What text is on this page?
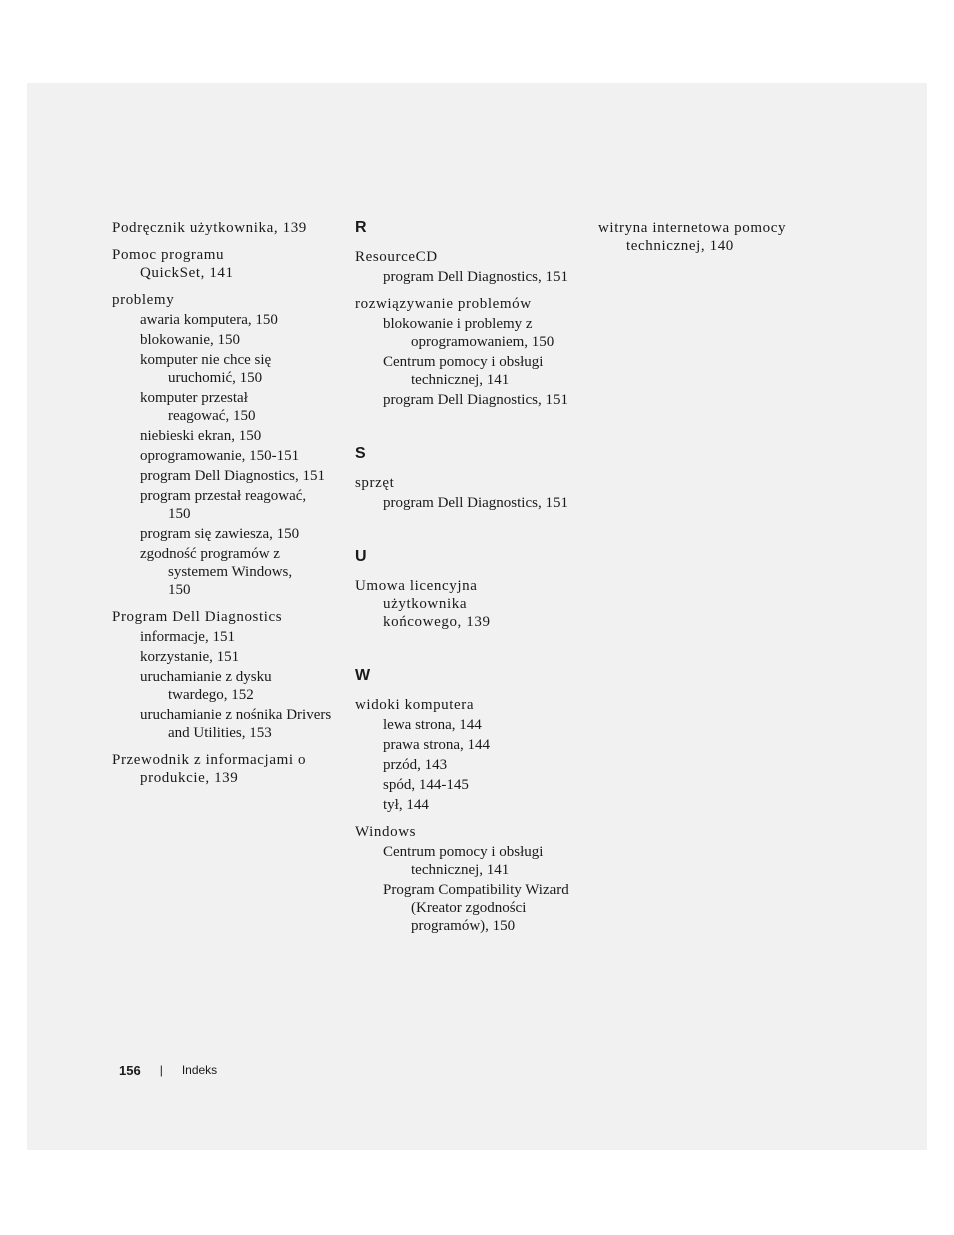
Podręcznik użytkownika, 139
Pomoc programu QuickSet, 141
problemy
awaria komputera, 150
blokowanie, 150
komputer nie chce się uruchomić, 150
komputer przestał reagować, 150
niebieski ekran, 150
oprogramowanie, 150-151
program Dell Diagnostics, 151
program przestał reagować, 150
program się zawiesza, 150
zgodność programów z systemem Windows, 150
Program Dell Diagnostics
informacje, 151
korzystanie, 151
uruchamianie z dysku twardego, 152
uruchamianie z nośnika Drivers and Utilities, 153
Przewodnik z informacjami o produkcie, 139
R
ResourceCD
program Dell Diagnostics, 151
rozwiązywanie problemów
blokowanie i problemy z oprogramowaniem, 150
Centrum pomocy i obsługi technicznej, 141
program Dell Diagnostics, 151
S
sprzęt
program Dell Diagnostics, 151
U
Umowa licencyjna użytkownika końcowego, 139
W
widoki komputera
lewa strona, 144
prawa strona, 144
przód, 143
spód, 144-145
tył, 144
Windows
Centrum pomocy i obsługi technicznej, 141
Program Compatibility Wizard (Kreator zgodności programów), 150
witryna internetowa pomocy technicznej, 140
156 | Indeks
